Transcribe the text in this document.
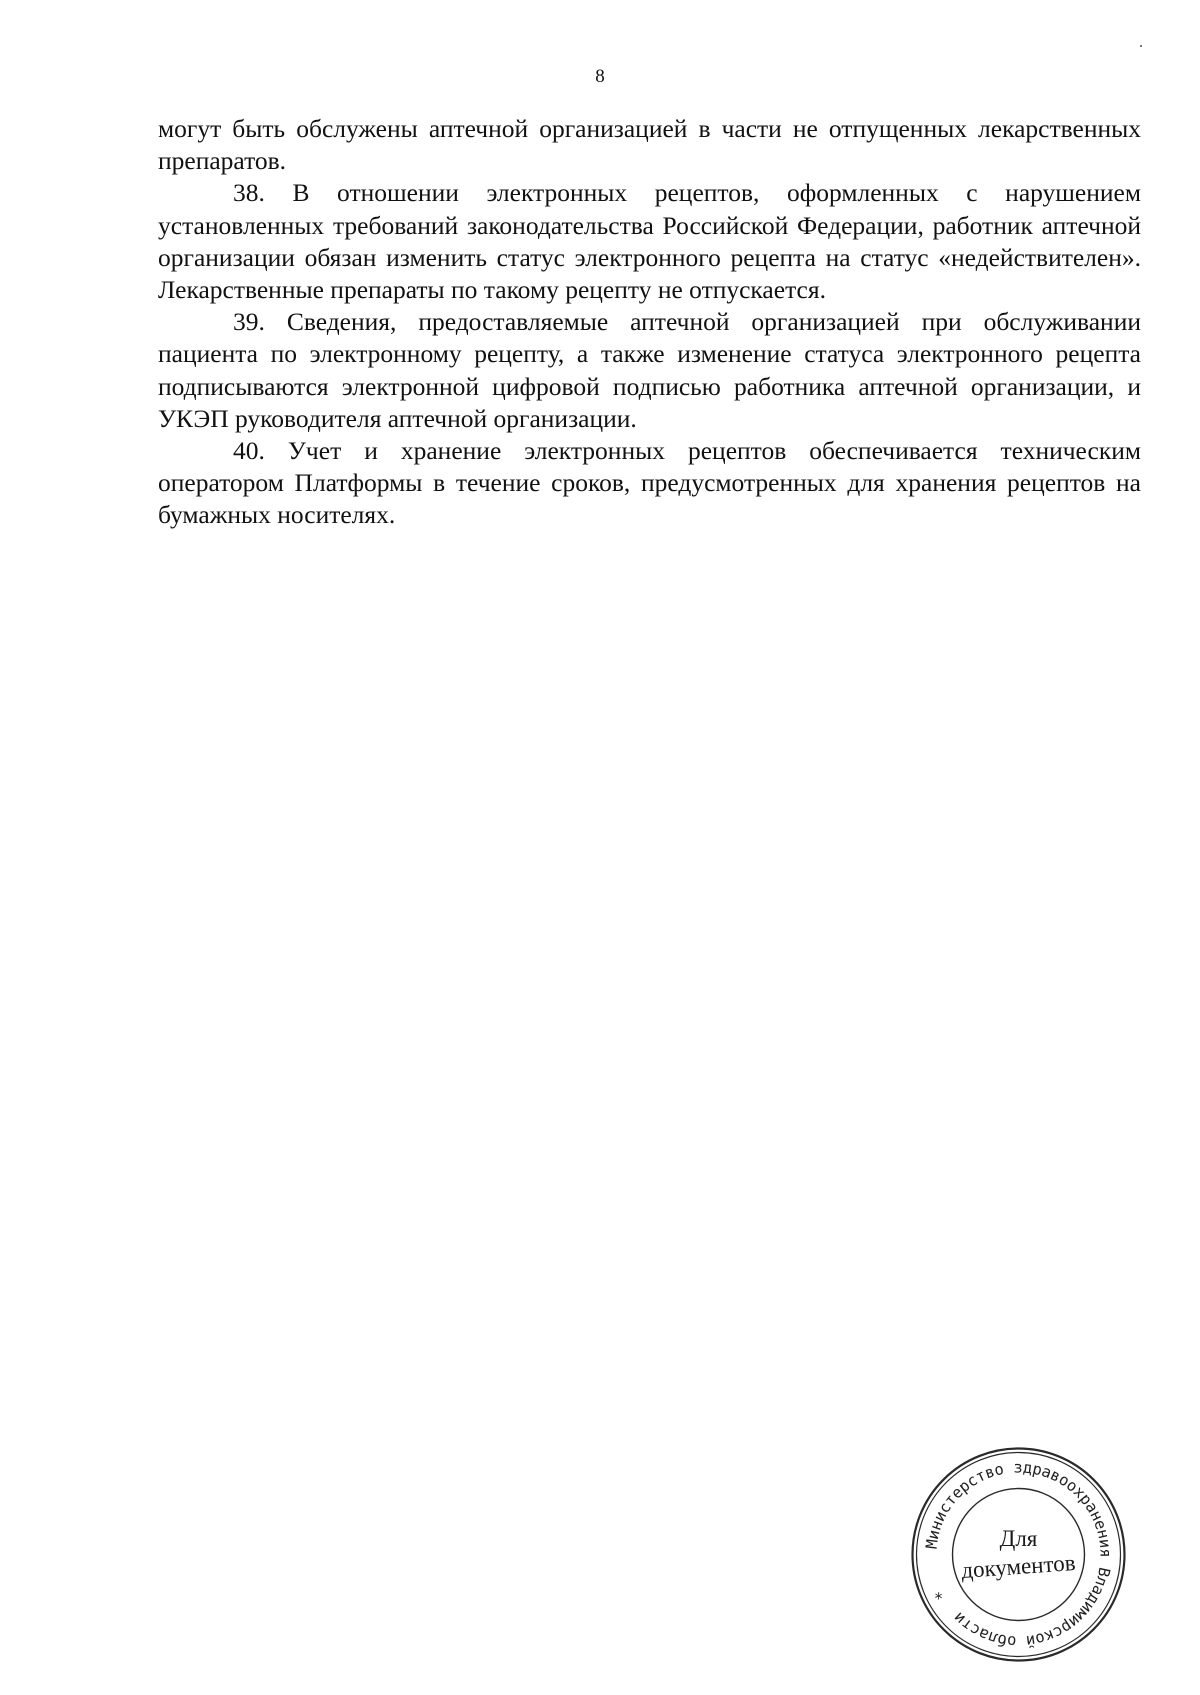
8

могут быть обслужены аптечной организацией в части не отпущенных лекарственных препаратов.

38. В отношении электронных рецептов, оформленных с нарушением установленных требований законодательства Российской Федерации, работник аптечной организации обязан изменить статус электронного рецепта на статус «недействителен». Лекарственные препараты по такому рецепту не отпускается.

39. Сведения, предоставляемые аптечной организацией при обслуживании пациента по электронному рецепту, а также изменение статуса электронного рецепта подписываются электронной цифровой подписью работника аптечной организации, и УКЭП руководителя аптечной организации.

40. Учет и хранение электронных рецептов обеспечивается техническим оператором Платформы в течение сроков, предусмотренных для хранения рецептов на бумажных носителях.

Министерство здравоохранения Владимирской области *
Для
документов
